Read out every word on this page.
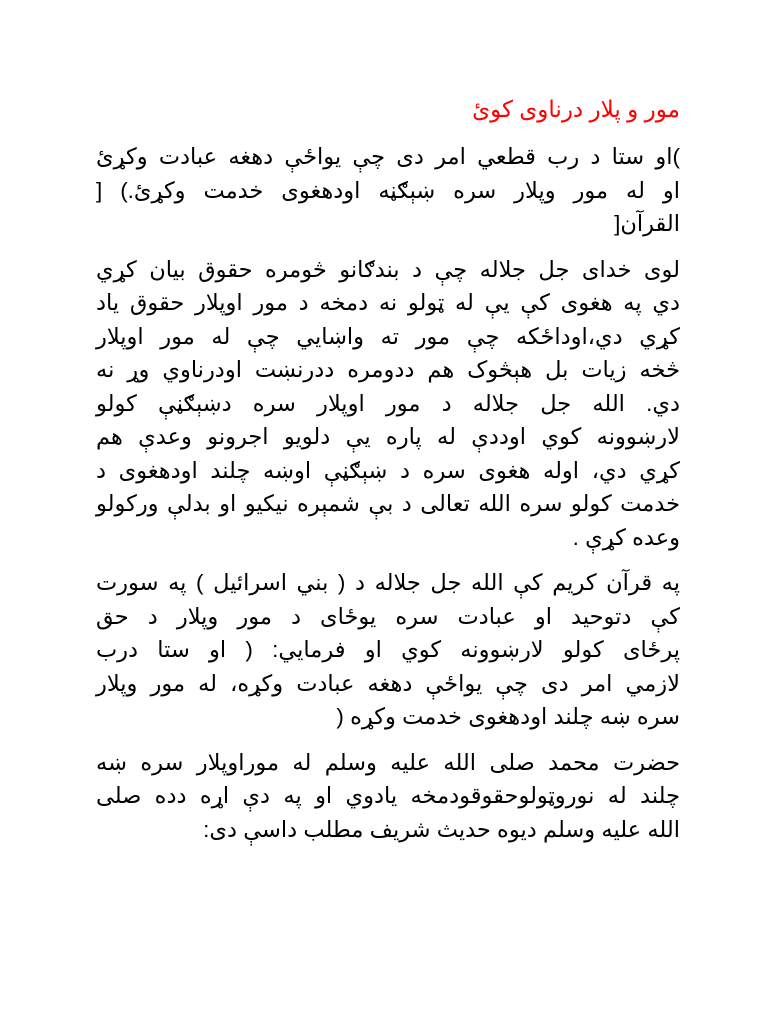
مور و پلار درناوی کوئ

)او ستا د رب قطعي امر دی چې یواځې دهغه عبادت وکړئ
او له مور وپلار سره ښېګڼه اودهغوی خدمت وکړئ.) [
القرآن[

لوی خدای جل جلاله چې د بندګانو څومره حقوق بیان کړي
دي په هغوی کې یې له ټولو نه دمخه د مور اوپلار حقوق یاد
کړي دي،اوداځکه چې مور ته واښایي چې له مور اوپلار
څخه زیات بل هېڅوک هم ددومره ددرنښت اودرناوي وړ نه
دي. الله جل جلاله د مور اوپلار سره دښېګڼې کولو
لارښوونه کوي اوددې له پاره یې دلویو اجرونو وعدې هم
کړي دي، اوله هغوی سره د ښېګڼې اوښه چلند اودهغوی د
خدمت کولو سره الله تعالی د بې شمېره نیکیو او بدلې ورکولو
وعده کړې .

په قرآن کریم کې الله جل جلاله د ( بني اسرائیل ) په سورت
کې دتوحید او عبادت سره یوځای د مور وپلار د حق
پرځای کولو لارښوونه کوي او فرمایي: ( او ستا درب
لازمي امر دی چې یواځې دهغه عبادت وکړه، له مور وپلار
سره ښه چلند اودهغوی خدمت وکړه (

حضرت محمد صلی الله علیه وسلم له موراوپلار سره ښه
چلند له نوروټولوحقوقودمخه یادوي او په دې اړه دده صلی
الله علیه وسلم دیوه حدیث شریف مطلب داسې دی:
